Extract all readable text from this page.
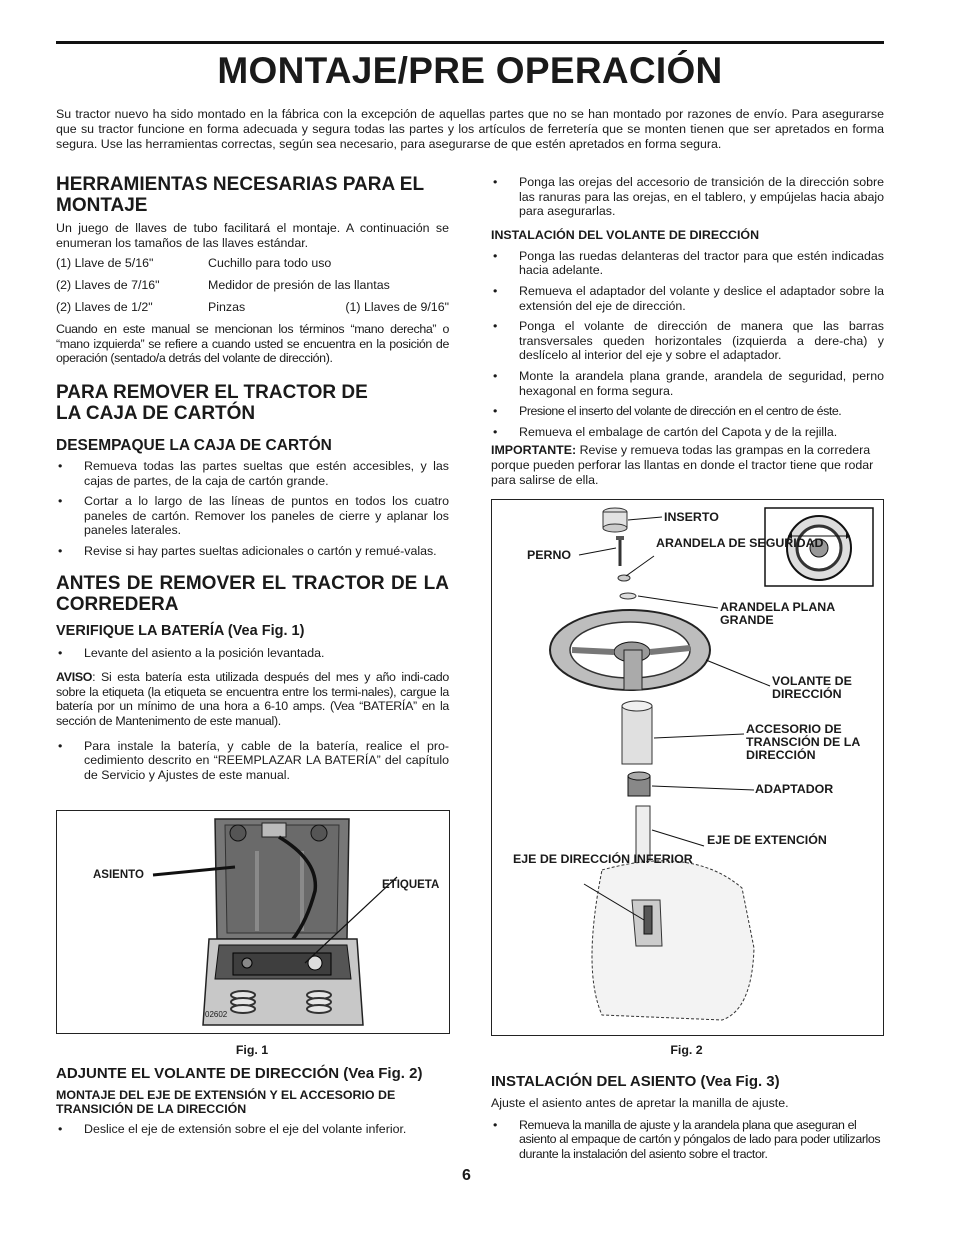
MONTAJE/PRE OPERACIÓN

Su tractor nuevo ha sido montado en la fábrica con la excepción de aquellas partes que no se han montado por razones de envío. Para asegurarse que su tractor funcione en forma adecuada y segura todas las partes y los artículos de ferretería que se monten tienen que ser apretados en forma segura. Use las herramientas correctas, según sea necesario, para asegurarse de que estén apretados en forma segura.

HERRAMIENTAS NECESARIAS PARA EL MONTAJE

Un juego de llaves de tubo facilitará el montaje. A continuación se enumeran los tamaños de las llaves estándar.

(1) Llave de 5/16"	Cuchillo para todo uso
(2) Llaves de 7/16"	Medidor de presión de las llantas
(2) Llaves de 1/2"	Pinzas	(1) Llaves de 9/16"

Cuando en este manual se mencionan los términos “mano derecha” o “mano izquierda” se refiere a cuando usted se encuentra en la posición de operación (sentado/a detrás del volante de dirección).

PARA REMOVER EL TRACTOR DE LA CAJA DE CARTÓN
DESEMPAQUE LA CAJA DE CARTÓN
• Remueva todas las partes sueltas que estén accesibles, y las cajas de partes, de la caja de cartón grande.
• Cortar a lo largo de las líneas de puntos en todos los cuatro paneles de cartón. Remover los paneles de cierre y aplanar los paneles laterales.
• Revise si hay partes sueltas adicionales o cartón y remué-valas.
ANTES DE REMOVER EL TRACTOR DE LA CORREDERA
VERIFIQUE LA BATERÍA (Vea Fig. 1)
• Levante del asiento a la posición levantada.

AVISO: Si esta batería esta utilizada después del mes y año indi-cado sobre la etiqueta (la etiqueta se encuentra entre los termi-nales), cargue la batería por un mínimo de una hora a 6-10 amps. (Vea “BATERÍA” en la sección de Mantenimento de este manual).

• Para instale la batería, y cable de la batería, realice el pro-cedimiento descrito en “REEMPLAZAR LA BATERÍA” del capítulo de Servicio y Ajustes de este manual.
ASIENTO
ETIQUETA
02602
Fig. 1
ADJUNTE EL VOLANTE DE DIRECCIÓN (Vea Fig. 2)
MONTAJE DEL EJE DE EXTENSIÓN Y EL ACCESORIO DE TRANSICIÓN DE LA DIRECCIÓN
• Deslice el eje de extensión sobre el eje del volante inferior.
• Ponga las orejas del accesorio de transición de la dirección sobre las ranuras para las orejas, en el tablero, y empújelas hacia abajo para asegurarlas.
INSTALACIÓN DEL VOLANTE DE DIRECCIÓN
• Ponga las ruedas delanteras del tractor para que estén indicadas hacia adelante.
• Remueva el adaptador del volante y deslice el adaptador sobre la extensión del eje de dirección.
• Ponga el volante de dirección de manera que las barras transversales queden horizontales (izquierda a dere-cha) y deslícelo al interior del eje y sobre el adaptador.
• Monte la arandela plana grande, arandela de seguridad, perno hexagonal en forma segura.
• Presione el inserto del volante de dirección en el centro de éste.
• Remueva el embalage de cartón del Capota y de la rejilla.

IMPORTANTE: Revise y remueva todas las grampas en la corredera porque pueden perforar las llantas en donde el tractor tiene que rodar para salirse de ella.

INSERTO
PERNO
ARANDELA DE SEGURIDAD
ARANDELA PLANA GRANDE
VOLANTE DE DIRECCIÓN
ACCESORIO DE TRANSCIÓN DE LA DIRECCIÓN
ADAPTADOR
EJE DE EXTENCIÓN
EJE DE DIRECCIÓN INFERIOR
Fig. 2
INSTALACIÓN DEL ASIENTO (Vea Fig. 3)

Ajuste el asiento antes de apretar la manilla de ajuste.

• Remueva la manilla de ajuste y la arandela plana que aseguran el asiento al empaque de cartón y póngalos de lado para poder utilizarlos durante la instalación del asiento sobre el tractor.
6
